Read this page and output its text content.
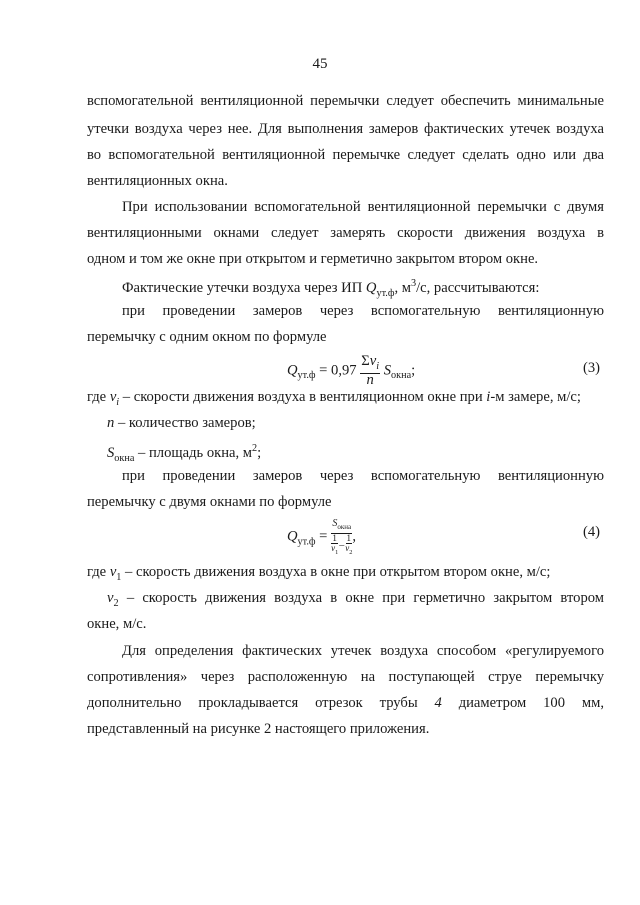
45
вспомогательной вентиляционной перемычки следует обеспечить минимальные
утечки воздуха через нее. Для выполнения замеров фактических утечек воздуха
во вспомогательной вентиляционной перемычке следует сделать одно или два
вентиляционных окна.
При использовании вспомогательной вентиляционной перемычки с двумя
вентиляционными окнами следует замерять скорости движения воздуха в
одном и том же окне при открытом и герметично закрытом втором окне.
Фактические утечки воздуха через ИП $Q_{ут.ф}$, $м^3/с$, рассчитываются:
при проведении замеров через вспомогательную вентиляционную
перемычку с одним окном по формуле
$Q_{ут.ф} = 0,97 \frac{\Sigma v_i}{n} S_{окна}$;	(3)
где $v_i$ – скорости движения воздуха в вентиляционном окне при i-м замере, м/с;
n – количество замеров;
$S_{окна}$ – площадь окна, $м^2$;
при проведении замеров через вспомогательную вентиляционную
перемычку с двумя окнами по формуле
$Q_{ут.ф} = \frac{S_{окна}}{\frac{1}{v_1} - \frac{1}{v_2}}$ ,	(4)
где $v_1$ – скорость движения воздуха в окне при открытом втором окне, м/с;
$v_2$ – скорость движения воздуха в окне при герметично закрытом втором
окне, м/с.
Для определения фактических утечек воздуха способом «регулируемого
сопротивления» через расположенную на поступающей струе перемычку
дополнительно прокладывается отрезок трубы 4 диаметром 100 мм,
представленный на рисунке 2 настоящего приложения.
